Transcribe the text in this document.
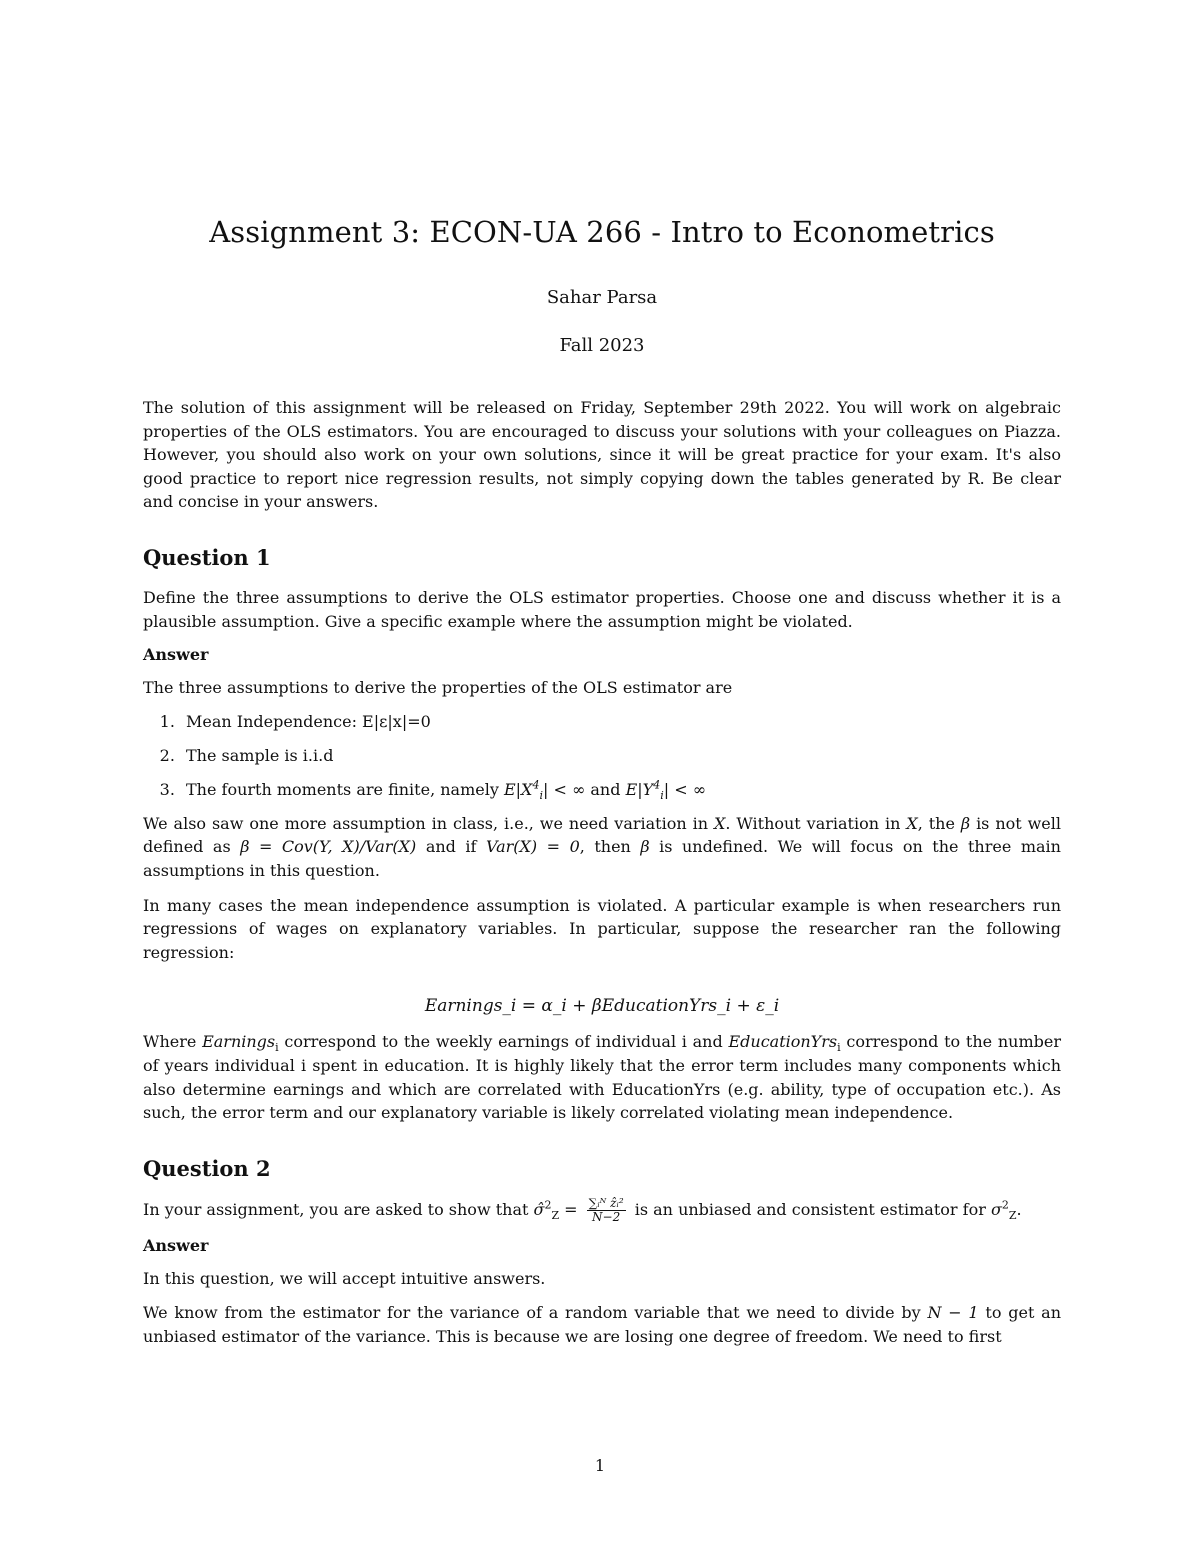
Assignment 3: ECON-UA 266 - Intro to Econometrics
Sahar Parsa
Fall 2023

The solution of this assignment will be released on Friday, September 29th 2022. You will work on algebraic properties of the OLS estimators. You are encouraged to discuss your solutions with your colleagues on Piazza. However, you should also work on your own solutions, since it will be great practice for your exam. It's also good practice to report nice regression results, not simply copying down the tables generated by R. Be clear and concise in your answers.

Question 1

Define the three assumptions to derive the OLS estimator properties. Choose one and discuss whether it is a plausible assumption. Give a specific example where the assumption might be violated.

Answer

The three assumptions to derive the properties of the OLS estimator are

1. Mean Independence: E|ε|x|=0
2. The sample is i.i.d
3. The fourth moments are finite, namely $E|X^4_i|$ < ∞ and $E|Y^4_i|$ < ∞

We also saw one more assumption in class, i.e., we need variation in X. Without variation in X, the β is not well defined as β = Cov(Y, X)/Var(X) and if Var(X) = 0, then β is undefined. We will focus on the three main assumptions in this question.

In many cases the mean independence assumption is violated. A particular example is when researchers run regressions of wages on explanatory variables. In particular, suppose the researcher ran the following regression:

Earnings_i = α_i + βEducationYrs_i + ε_i

Where Earnings$_i$ correspond to the weekly earnings of individual i and EducationYrs$_i$ correspond to the number of years individual i spent in education. It is highly likely that the error term includes many components which also determine earnings and which are correlated with EducationYrs (e.g. ability, type of occupation etc.). As such, the error term and our explanatory variable is likely correlated violating mean independence.

Question 2

In your assignment, you are asked to show that σ̂$^2_Z$ = $\frac{\text{∑ᵢᴺ ẑᵢ²}}{N-2}$ is an unbiased and consistent estimator for $\sigma^2_Z$.

Answer

In this question, we will accept intuitive answers.

We know from the estimator for the variance of a random variable that we need to divide by N − 1 to get an unbiased estimator of the variance. This is because we are losing one degree of freedom. We need to first

1
